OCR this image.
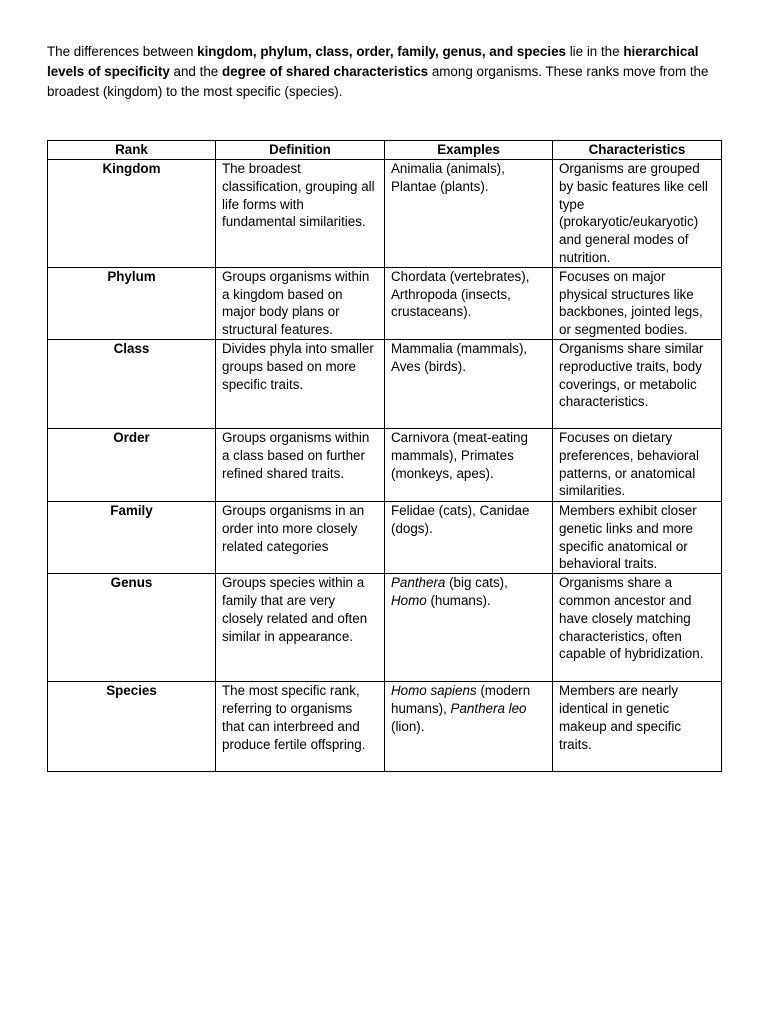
The differences between kingdom, phylum, class, order, family, genus, and species lie in the hierarchical levels of specificity and the degree of shared characteristics among organisms. These ranks move from the broadest (kingdom) to the most specific (species).

Rank	Definition	Examples	Characteristics
Kingdom	The broadest classification, grouping all life forms with fundamental similarities.	Animalia (animals), Plantae (plants).	Organisms are grouped by basic features like cell type (prokaryotic/eukaryotic) and general modes of nutrition.
Phylum	Groups organisms within a kingdom based on major body plans or structural features.	Chordata (vertebrates), Arthropoda (insects, crustaceans).	Focuses on major physical structures like backbones, jointed legs, or segmented bodies.
Class	Divides phyla into smaller groups based on more specific traits.	Mammalia (mammals), Aves (birds).	Organisms share similar reproductive traits, body coverings, or metabolic characteristics.
Order	Groups organisms within a class based on further refined shared traits.	Carnivora (meat-eating mammals), Primates (monkeys, apes).	Focuses on dietary preferences, behavioral patterns, or anatomical similarities.
Family	Groups organisms in an order into more closely related categories	Felidae (cats), Canidae (dogs).	Members exhibit closer genetic links and more specific anatomical or behavioral traits.
Genus	Groups species within a family that are very closely related and often similar in appearance.	Panthera (big cats), Homo (humans).	Organisms share a common ancestor and have closely matching characteristics, often capable of hybridization.
Species	The most specific rank, referring to organisms that can interbreed and produce fertile offspring.	Homo sapiens (modern humans), Panthera leo (lion).	Members are nearly identical in genetic makeup and specific traits.
